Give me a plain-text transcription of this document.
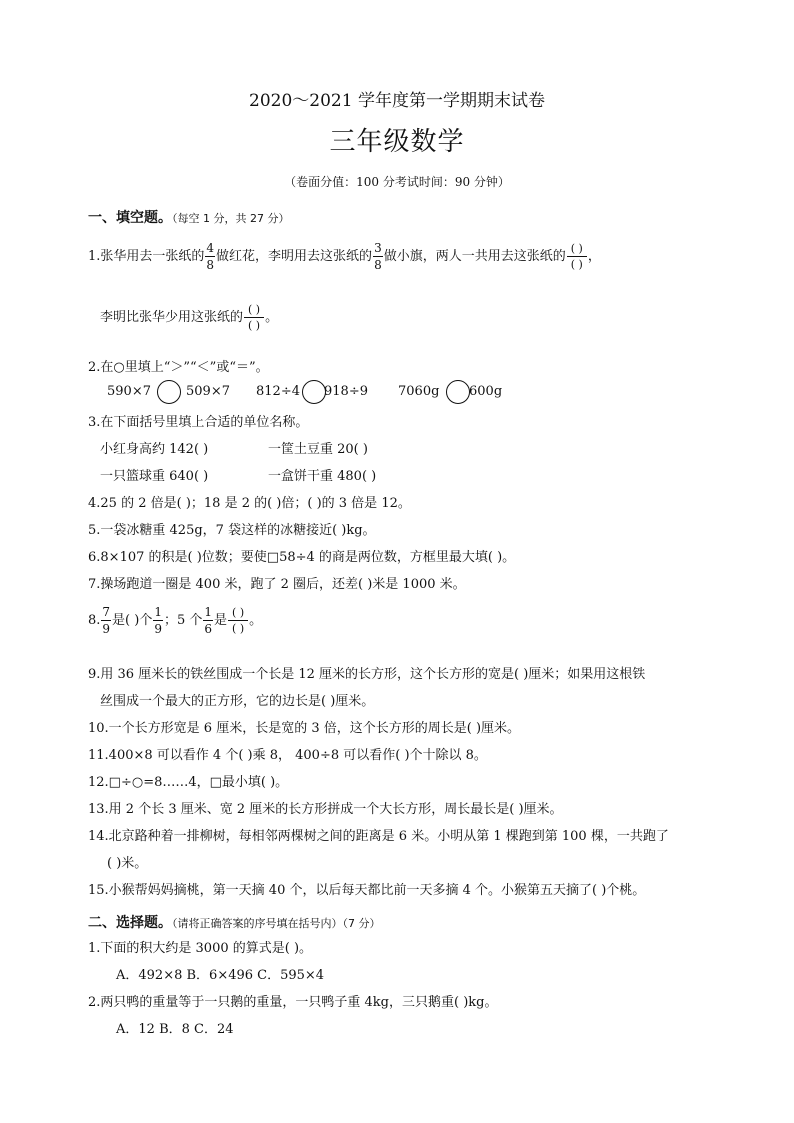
2020～2021 学年度第一学期期末试卷
三年级数学
（卷面分值：100 分考试时间：90 分钟）
一、填空题。（每空 1 分，共 27 分）
1.张华用去一张纸的 $\frac{4}{8}$ 做红花，李明用去这张纸的 $\frac{3}{8}$ 做小旗，两人一共用去这张纸的 $\frac{( )}{( )}$ ，
李明比张华少用这张纸的 $\frac{( )}{( )}$ 。
2.在○里填上“＞”“＜”或“＝”。
590×7	509×7 812÷4 918÷9 7060g 600g
3.在下面括号里填上合适的单位名称。
小红身高约 142( )	一筐土豆重 20( )
一只篮球重 640( )	一盒饼干重 480( )
4.25 的 2 倍是( )；18 是 2 的( )倍；( )的 3 倍是 12。
5.一袋冰糖重 425g，7 袋这样的冰糖接近( )kg。
6.8×107 的积是( )位数；要使□58÷4 的商是两位数，方框里最大填( )。
7.操场跑道一圈是 400 米，跑了 2 圈后，还差( )米是 1000 米。
8. $\frac{7}{9}$ 是( )个 $\frac{1}{9}$ ；5 个 $\frac{1}{6}$ 是 $\frac{( )}{( )}$ 。
9.用 36 厘米长的铁丝围成一个长是 12 厘米的长方形，这个长方形的宽是( )厘米；如果用这根铁
丝围成一个最大的正方形，它的边长是( )厘米。
10.一个长方形宽是 6 厘米，长是宽的 3 倍，这个长方形的周长是( )厘米。
11.400×8 可以看作 4 个( )乘 8， 400÷8 可以看作( )个十除以 8。
12.□÷○=8……4，□最小填( )。
13.用 2 个长 3 厘米、宽 2 厘米的长方形拼成一个大长方形，周长最长是( )厘米。
14.北京路种着一排柳树，每相邻两棵树之间的距离是 6 米。小明从第 1 棵跑到第 100 棵，一共跑了
( )米。
15.小猴帮妈妈摘桃，第一天摘 40 个，以后每天都比前一天多摘 4 个。小猴第五天摘了( )个桃。
二、选择题。（请将正确答案的序号填在括号内）（7 分）
1.下面的积大约是 3000 的算式是( )。
A．492×8 B．6×496 C．595×4
2.两只鸭的重量等于一只鹅的重量，一只鸭子重 4kg，三只鹅重( )kg。
A．12 B．8 C．24
